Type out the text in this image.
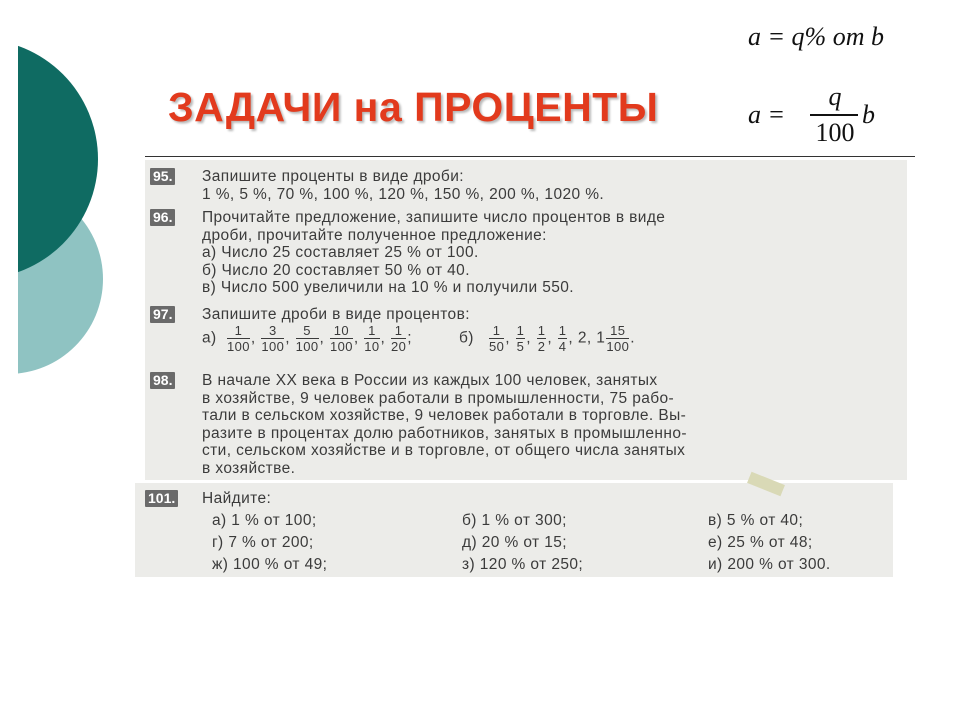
a = q% от b
a =
q
100
b
ЗАДАЧИ на ПРОЦЕНТЫ
95. Запишите проценты в виде дроби:
1 %, 5 %, 70 %, 100 %, 120 %, 150 %, 200 %, 1020 %.
96. Прочитайте предложение, запишите число процентов в виде
дроби, прочитайте полученное предложение:
а) Число 25 составляет 25 % от 100.
б) Число 20 составляет 50 % от 40.
в) Число 500 увеличили на 10 % и получили 550.
97. Запишите дроби в виде процентов:
$а) \frac{1}{100}$ , $\frac{3}{100}$ , $\frac{5}{100}$ , $\frac{10}{100}$ , $\frac{1}{10}$ , $\frac{1}{20}$ ;          $б) \frac{1}{50}$ , $\frac{1}{5}$ , $\frac{1}{2}$ , $\frac{1}{4}$ , 2, $1 \frac{15}{100}$ .
98. В начале XX века в России из каждых 100 человек, занятых
в хозяйстве, 9 человек работали в промышленности, 75 рабо-
тали в сельском хозяйстве, 9 человек работали в торговле. Вы-
разите в процентах долю работников, занятых в промышленно-
сти, сельском хозяйстве и в торговле, от общего числа занятых
в хозяйстве.
101. Найдите:
а) 1 % от 100;	б) 1 % от 300;	в) 5 % от 40;
г) 7 % от 200;	д) 20 % от 15;	е) 25 % от 48;
ж) 100 % от 49;	з) 120 % от 250;	и) 200 % от 300.
